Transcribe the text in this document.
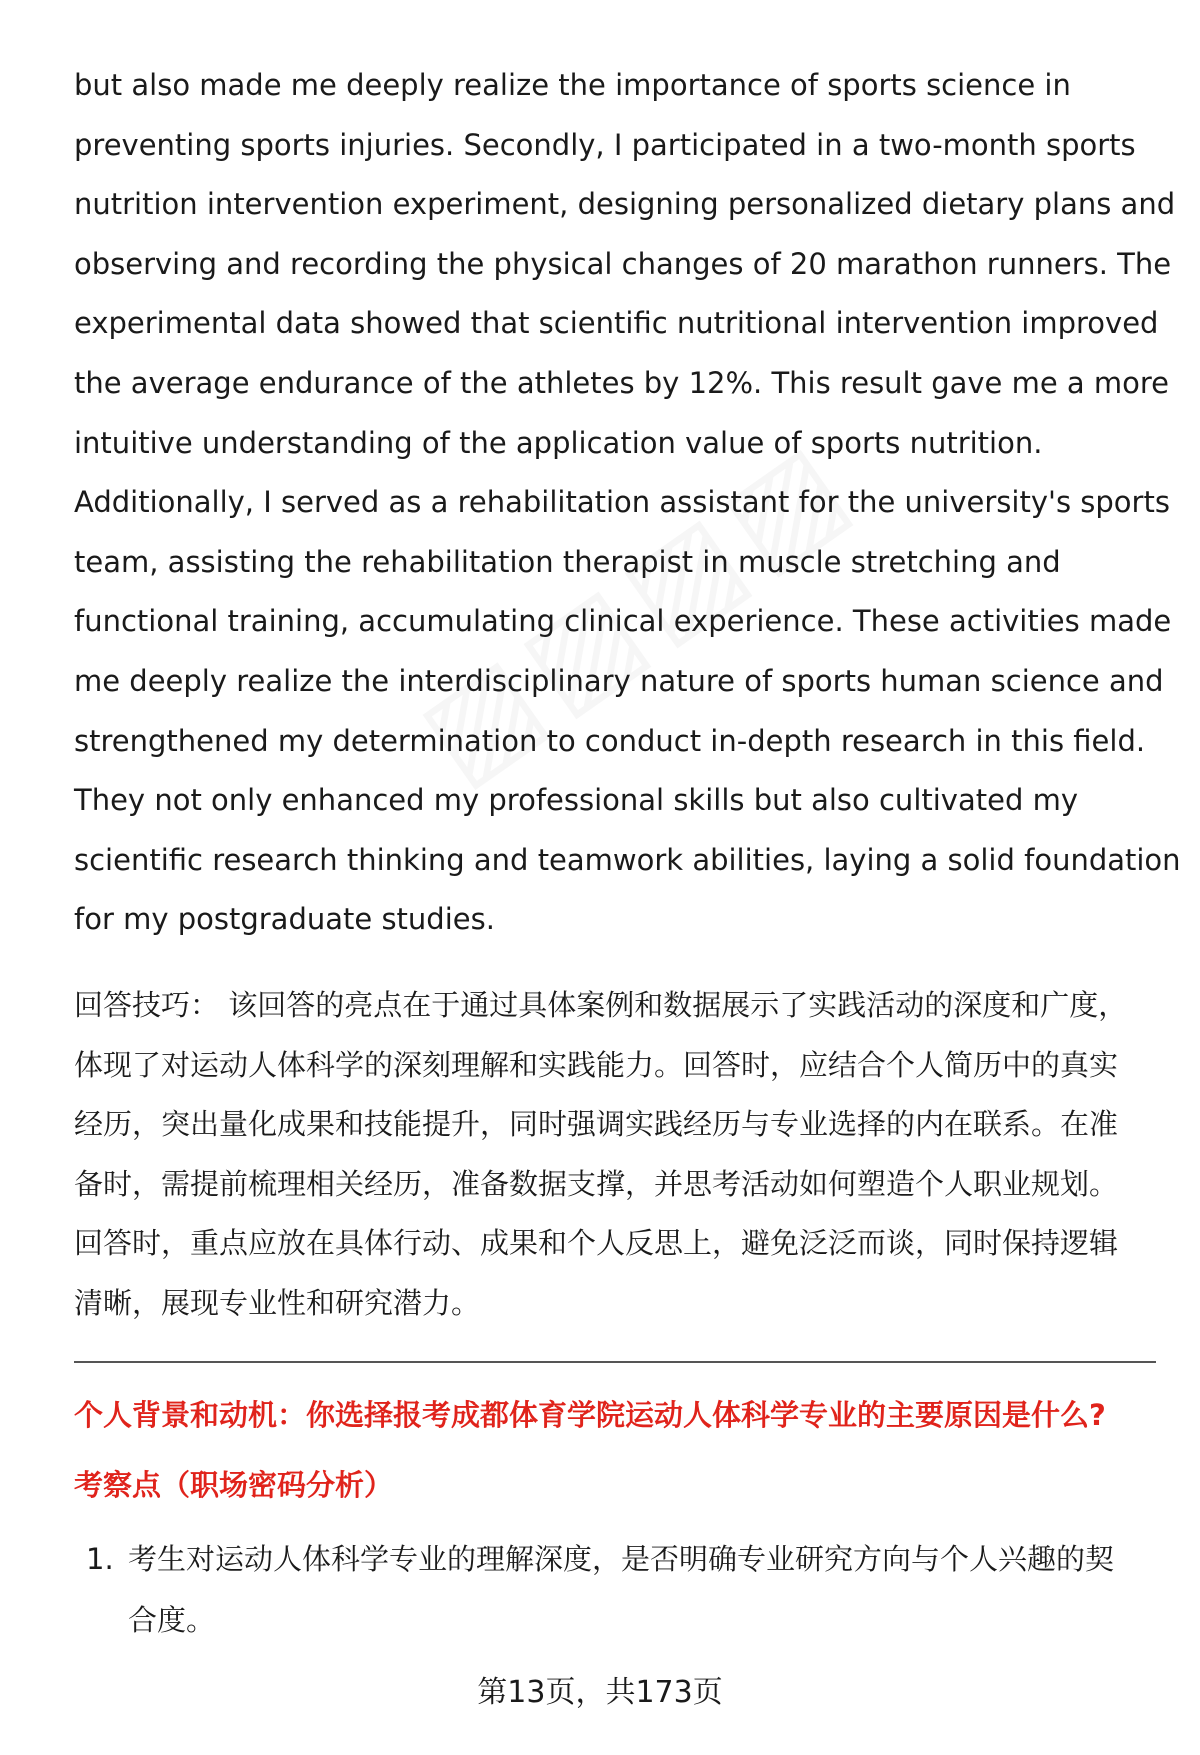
but also made me deeply realize the importance of sports science in
preventing sports injuries. Secondly, I participated in a two-month sports
nutrition intervention experiment, designing personalized dietary plans and
observing and recording the physical changes of 20 marathon runners. The
experimental data showed that scientific nutritional intervention improved
the average endurance of the athletes by 12%. This result gave me a more
intuitive understanding of the application value of sports nutrition.
Additionally, I served as a rehabilitation assistant for the university's sports
team, assisting the rehabilitation therapist in muscle stretching and
functional training, accumulating clinical experience. These activities made
me deeply realize the interdisciplinary nature of sports human science and
strengthened my determination to conduct in-depth research in this field.
They not only enhanced my professional skills but also cultivated my
scientific research thinking and teamwork abilities, laying a solid foundation
for my postgraduate studies.

回答技巧： 该回答的亮点在于通过具体案例和数据展示了实践活动的深度和广度，
体现了对运动人体科学的深刻理解和实践能力。回答时，应结合个人简历中的真实
经历，突出量化成果和技能提升，同时强调实践经历与专业选择的内在联系。在准
备时，需提前梳理相关经历，准备数据支撑，并思考活动如何塑造个人职业规划。
回答时，重点应放在具体行动、成果和个人反思上，避免泛泛而谈，同时保持逻辑
清晰，展现专业性和研究潜力。
个人背景和动机：你选择报考成都体育学院运动人体科学专业的主要原因是什么?
考察点（职场密码分析）
1. 考生对运动人体科学专业的理解深度，是否明确专业研究方向与个人兴趣的契
合度。
第13页，共173页
